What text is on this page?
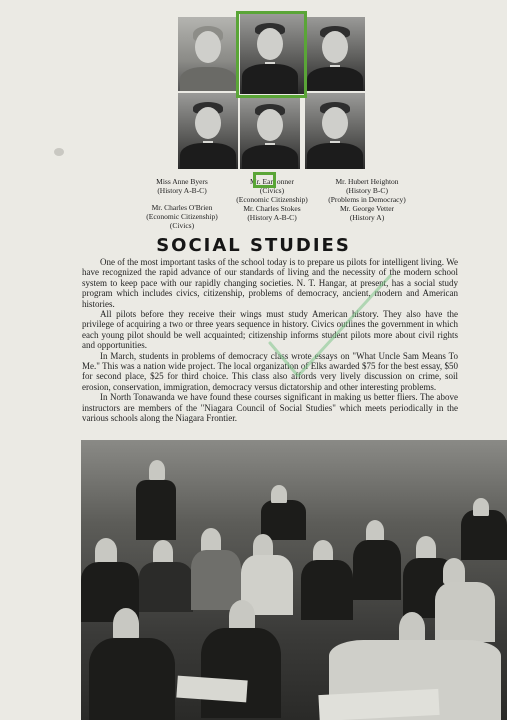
Miss Anne Byers
(History A-B-C)
Mr. Charles O'Brien
(Economic Citizenship)
(Civics)
Mr. Earl onner
(Civics)
(Economic Citizenship)
Mr. Charles Stokes
(History A-B-C)
Mr. Hubert Heighton
(History B-C)
(Problems in Democracy)
Mr. George Vetter
(History A)
SOCIAL STUDIES

One of the most important tasks of the school today is to prepare us pilots for intelligent living. We have recognized the rapid advance of our standards of living and the necessity of the modern school system to keep pace with our rapidly changing societies. N. T. Hangar, at present, has a social study program which includes civics, citizenship, problems of democracy, ancient, modern and American histories.

All pilots before they receive their wings must study American history. They also have the privilege of acquiring a two or three years sequence in history. Civics outlines the government in which each young pilot should be well acquainted; citizenship informs student pilots more about civil rights and opportunities.

In March, students in problems of democracy class wrote essays on "What Uncle Sam Means To Me." This was a nation wide project. The local organization of Elks awarded $75 for the best essay, $50 for second place, $25 for third choice. This class also affords very lively discussion on crime, soil erosion, conservation, immigration, democracy versus dictatorship and other interesting problems.

In North Tonawanda we have found these courses significant in making us better fliers. The above instructors are members of the "Niagara Council of Social Studies" which meets periodically in the various schools along the Niagara Frontier.
